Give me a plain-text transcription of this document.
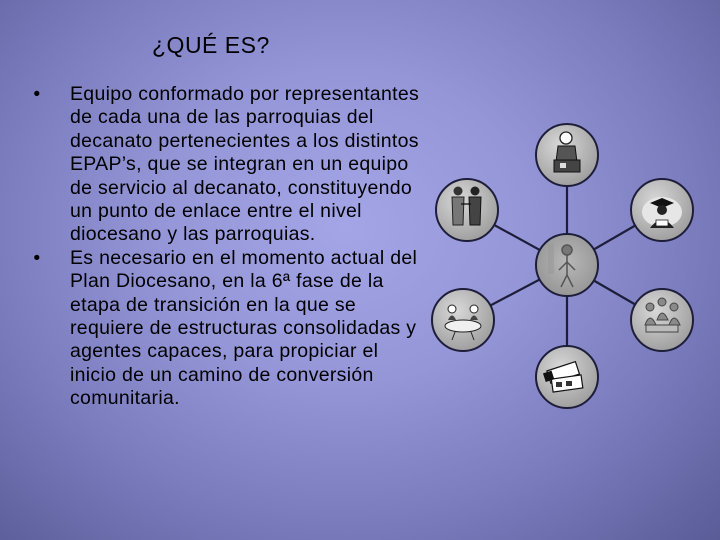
¿QUÉ ES?
• Equipo conformado por representantes de cada una de las parroquias del decanato pertenecientes a los distintos EPAP’s, que se integran en un equipo de servicio al decanato, constituyendo un punto de enlace entre el nivel diocesano y las parroquias.
• Es necesario en el momento actual del Plan Diocesano, en la 6ª fase de la etapa de transición en la que se requiere de estructuras consolidadas y agentes capaces, para propiciar el inicio de un camino de conversión comunitaria.
